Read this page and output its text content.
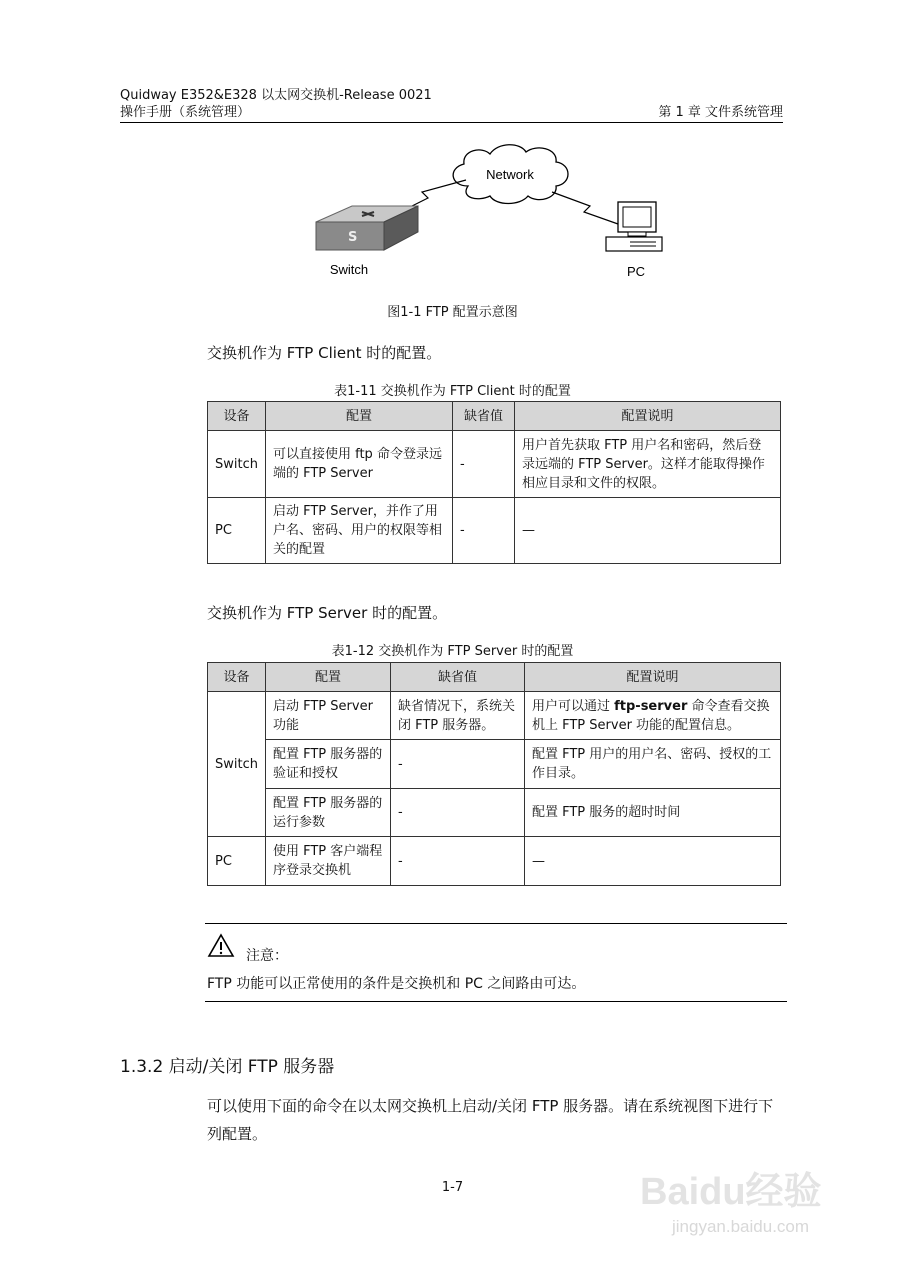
Quidway E352&E328 以太网交换机-Release 0021
操作手册（系统管理）	第 1 章 文件系统管理
Network
S
Switch	PC
图1-1 FTP 配置示意图
交换机作为 FTP Client 时的配置。
表1-11 交换机作为 FTP Client 时的配置
设备	配置	缺省值	配置说明
Switch	可以直接使用 ftp 命令登录远端的 FTP Server	-	用户首先获取 FTP 用户名和密码，然后登录远端的 FTP Server。这样才能取得操作相应目录和文件的权限。
PC	启动 FTP Server，并作了用户名、密码、用户的权限等相关的配置	-	—
交换机作为 FTP Server 时的配置。
表1-12 交换机作为 FTP Server 时的配置
设备	配置	缺省值	配置说明
Switch	启动 FTP Server 功能	缺省情况下，系统关闭 FTP 服务器。	用户可以通过 ftp-server 命令查看交换机上 FTP Server 功能的配置信息。
	配置 FTP 服务器的验证和授权	-	配置 FTP 用户的用户名、密码、授权的工作目录。
	配置 FTP 服务器的运行参数	-	配置 FTP 服务的超时时间
PC	使用 FTP 客户端程序登录交换机	-	—
注意：
FTP 功能可以正常使用的条件是交换机和 PC 之间路由可达。
1.3.2 启动/关闭 FTP 服务器
可以使用下面的命令在以太网交换机上启动/关闭 FTP 服务器。请在系统视图下进行下列配置。
1-7	Baidu经验
jingyan.baidu.com
